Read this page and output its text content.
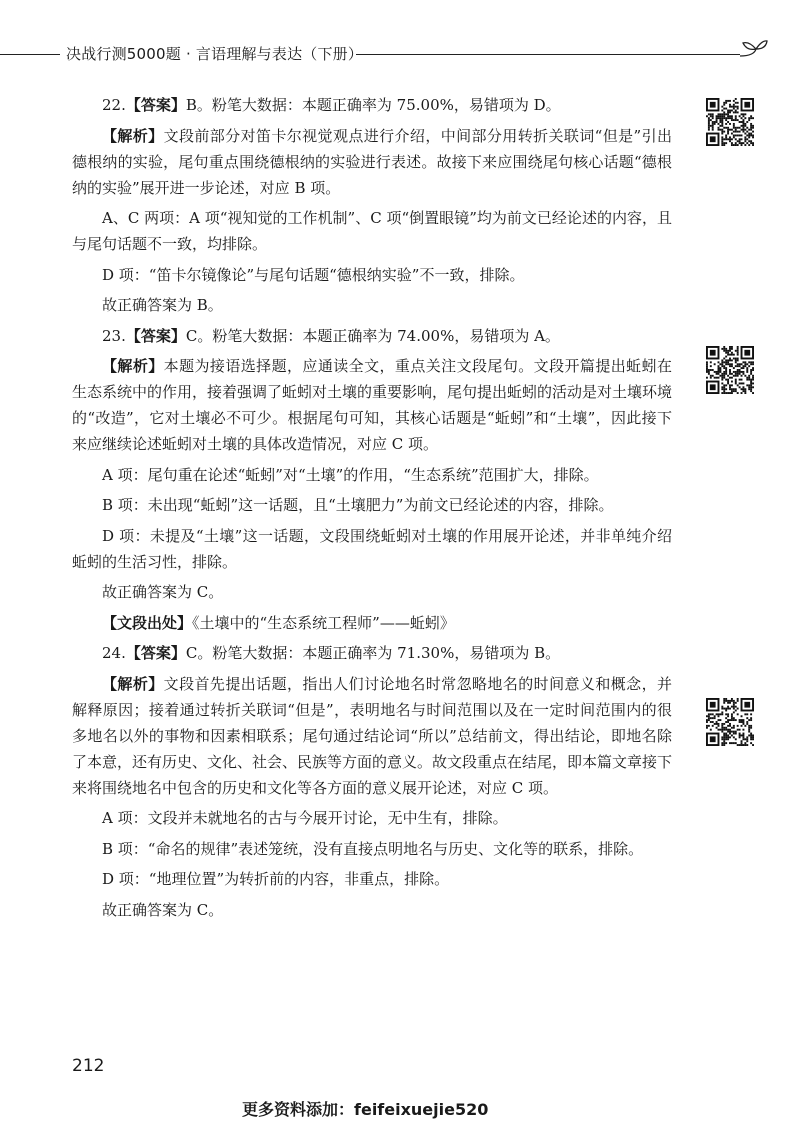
决战行测5000题 · 言语理解与表达（下册）

22.【答案】B。粉笔大数据：本题正确率为 75.00%，易错项为 D。

【解析】文段前部分对笛卡尔视觉观点进行介绍，中间部分用转折关联词“但是”引出德根纳的实验，尾句重点围绕德根纳的实验进行表述。故接下来应围绕尾句核心话题“德根纳的实验”展开进一步论述，对应 B 项。

A、C 两项：A 项“视知觉的工作机制”、C 项“倒置眼镜”均为前文已经论述的内容，且与尾句话题不一致，均排除。

D 项：“笛卡尔镜像论”与尾句话题“德根纳实验”不一致，排除。

故正确答案为 B。

23.【答案】C。粉笔大数据：本题正确率为 74.00%，易错项为 A。

【解析】本题为接语选择题，应通读全文，重点关注文段尾句。文段开篇提出蚯蚓在生态系统中的作用，接着强调了蚯蚓对土壤的重要影响，尾句提出蚯蚓的活动是对土壤环境的“改造”，它对土壤必不可少。根据尾句可知，其核心话题是“蚯蚓”和“土壤”，因此接下来应继续论述蚯蚓对土壤的具体改造情况，对应 C 项。

A 项：尾句重在论述“蚯蚓”对“土壤”的作用，“生态系统”范围扩大，排除。

B 项：未出现“蚯蚓”这一话题，且“土壤肥力”为前文已经论述的内容，排除。

D 项：未提及“土壤”这一话题，文段围绕蚯蚓对土壤的作用展开论述，并非单纯介绍蚯蚓的生活习性，排除。

故正确答案为 C。

【文段出处】《土壤中的“生态系统工程师”——蚯蚓》

24.【答案】C。粉笔大数据：本题正确率为 71.30%，易错项为 B。

【解析】文段首先提出话题，指出人们讨论地名时常忽略地名的时间意义和概念，并解释原因；接着通过转折关联词“但是”，表明地名与时间范围以及在一定时间范围内的很多地名以外的事物和因素相联系；尾句通过结论词“所以”总结前文，得出结论，即地名除了本意，还有历史、文化、社会、民族等方面的意义。故文段重点在结尾，即本篇文章接下来将围绕地名中包含的历史和文化等各方面的意义展开论述，对应 C 项。

A 项：文段并未就地名的古与今展开讨论，无中生有，排除。

B 项：“命名的规律”表述笼统，没有直接点明地名与历史、文化等的联系，排除。

D 项：“地理位置”为转折前的内容，非重点，排除。

故正确答案为 C。

212
更多资料添加：feifeixuejie520
